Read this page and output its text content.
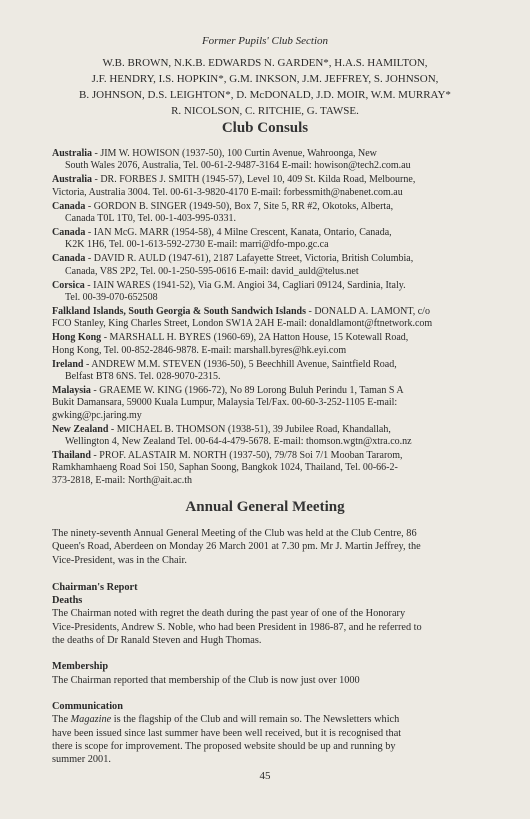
Former Pupils' Club Section
W.B. BROWN, N.K.B. EDWARDS N. GARDEN*, H.A.S. HAMILTON,
J.F. HENDRY, I.S. HOPKIN*, G.M. INKSON, J.M. JEFFREY, S. JOHNSON,
B. JOHNSON, D.S. LEIGHTON*, D. McDONALD, J.D. MOIR, W.M. MURRAY*
R. NICOLSON, C. RITCHIE, G. TAWSE.
Club Consuls
Australia - JIM W. HOWISON (1937-50), 100 Curtin Avenue, Wahroonga, New
South Wales 2076, Australia, Tel. 00-61-2-9487-3164 E-mail: howison@tech2.com.au
Australia - DR. FORBES J. SMITH (1945-57), Level 10, 409 St. Kilda Road, Melbourne,
Victoria, Australia 3004. Tel. 00-61-3-9820-4170 E-mail: forbessmith@nabenet.com.au
Canada - GORDON B. SINGER (1949-50), Box 7, Site 5, RR #2, Okotoks, Alberta,
Canada T0L 1T0, Tel. 00-1-403-995-0331.
Canada - IAN McG. MARR (1954-58), 4 Milne Crescent, Kanata, Ontario, Canada,
K2K 1H6, Tel. 00-1-613-592-2730 E-mail: marri@dfo-mpo.gc.ca
Canada - DAVID R. AULD (1947-61), 2187 Lafayette Street, Victoria, British Columbia,
Canada, V8S 2P2, Tel. 00-1-250-595-0616 E-mail: david_auld@telus.net
Corsica - IAIN WARES (1941-52), Via G.M. Angioi 34, Cagliari 09124, Sardinia, Italy.
Tel. 00-39-070-652508
Falkland Islands, South Georgia & South Sandwich Islands - DONALD A. LAMONT, c/o
FCO Stanley, King Charles Street, London SW1A 2AH E-mail: donaldlamont@ftnetwork.com
Hong Kong - MARSHALL H. BYRES (1960-69), 2A Hatton House, 15 Kotewall Road,
Hong Kong, Tel. 00-852-2846-9878. E-mail: marshall.byres@hk.eyi.com
Ireland - ANDREW M.M. STEVEN (1936-50), 5 Beechhill Avenue, Saintfield Road,
Belfast BT8 6NS. Tel. 028-9070-2315.
Malaysia - GRAEME W. KING (1966-72), No 89 Lorong Buluh Perindu 1, Taman S A
Bukit Damansara, 59000 Kuala Lumpur, Malaysia Tel/Fax. 00-60-3-252-1105 E-mail:
gwking@pc.jaring.my
New Zealand - MICHAEL B. THOMSON (1938-51), 39 Jubilee Road, Khandallah,
Wellington 4, New Zealand Tel. 00-64-4-479-5678. E-mail: thomson.wgtn@xtra.co.nz
Thailand - PROF. ALASTAIR M. NORTH (1937-50), 79/78 Soi 7/1 Mooban Tararom,
Ramkhamhaeng Road Soi 150, Saphan Soong, Bangkok 1024, Thailand, Tel. 00-66-2-
373-2818, E-mail: North@ait.ac.th
Annual General Meeting

The ninety-seventh Annual General Meeting of the Club was held at the Club Centre, 86
Queen's Road, Aberdeen on Monday 26 March 2001 at 7.30 pm. Mr J. Martin Jeffrey, the
Vice-President, was in the Chair.

Chairman's Report
Deaths
The Chairman noted with regret the death during the past year of one of the Honorary
Vice-Presidents, Andrew S. Noble, who had been President in 1986-87, and he referred to
the deaths of Dr Ranald Steven and Hugh Thomas.
Membership
The Chairman reported that membership of the Club is now just over 1000
Communication
The Magazine is the flagship of the Club and will remain so. The Newsletters which
have been issued since last summer have been well received, but it is recognised that
there is scope for improvement. The proposed website should be up and running by
summer 2001.
45
